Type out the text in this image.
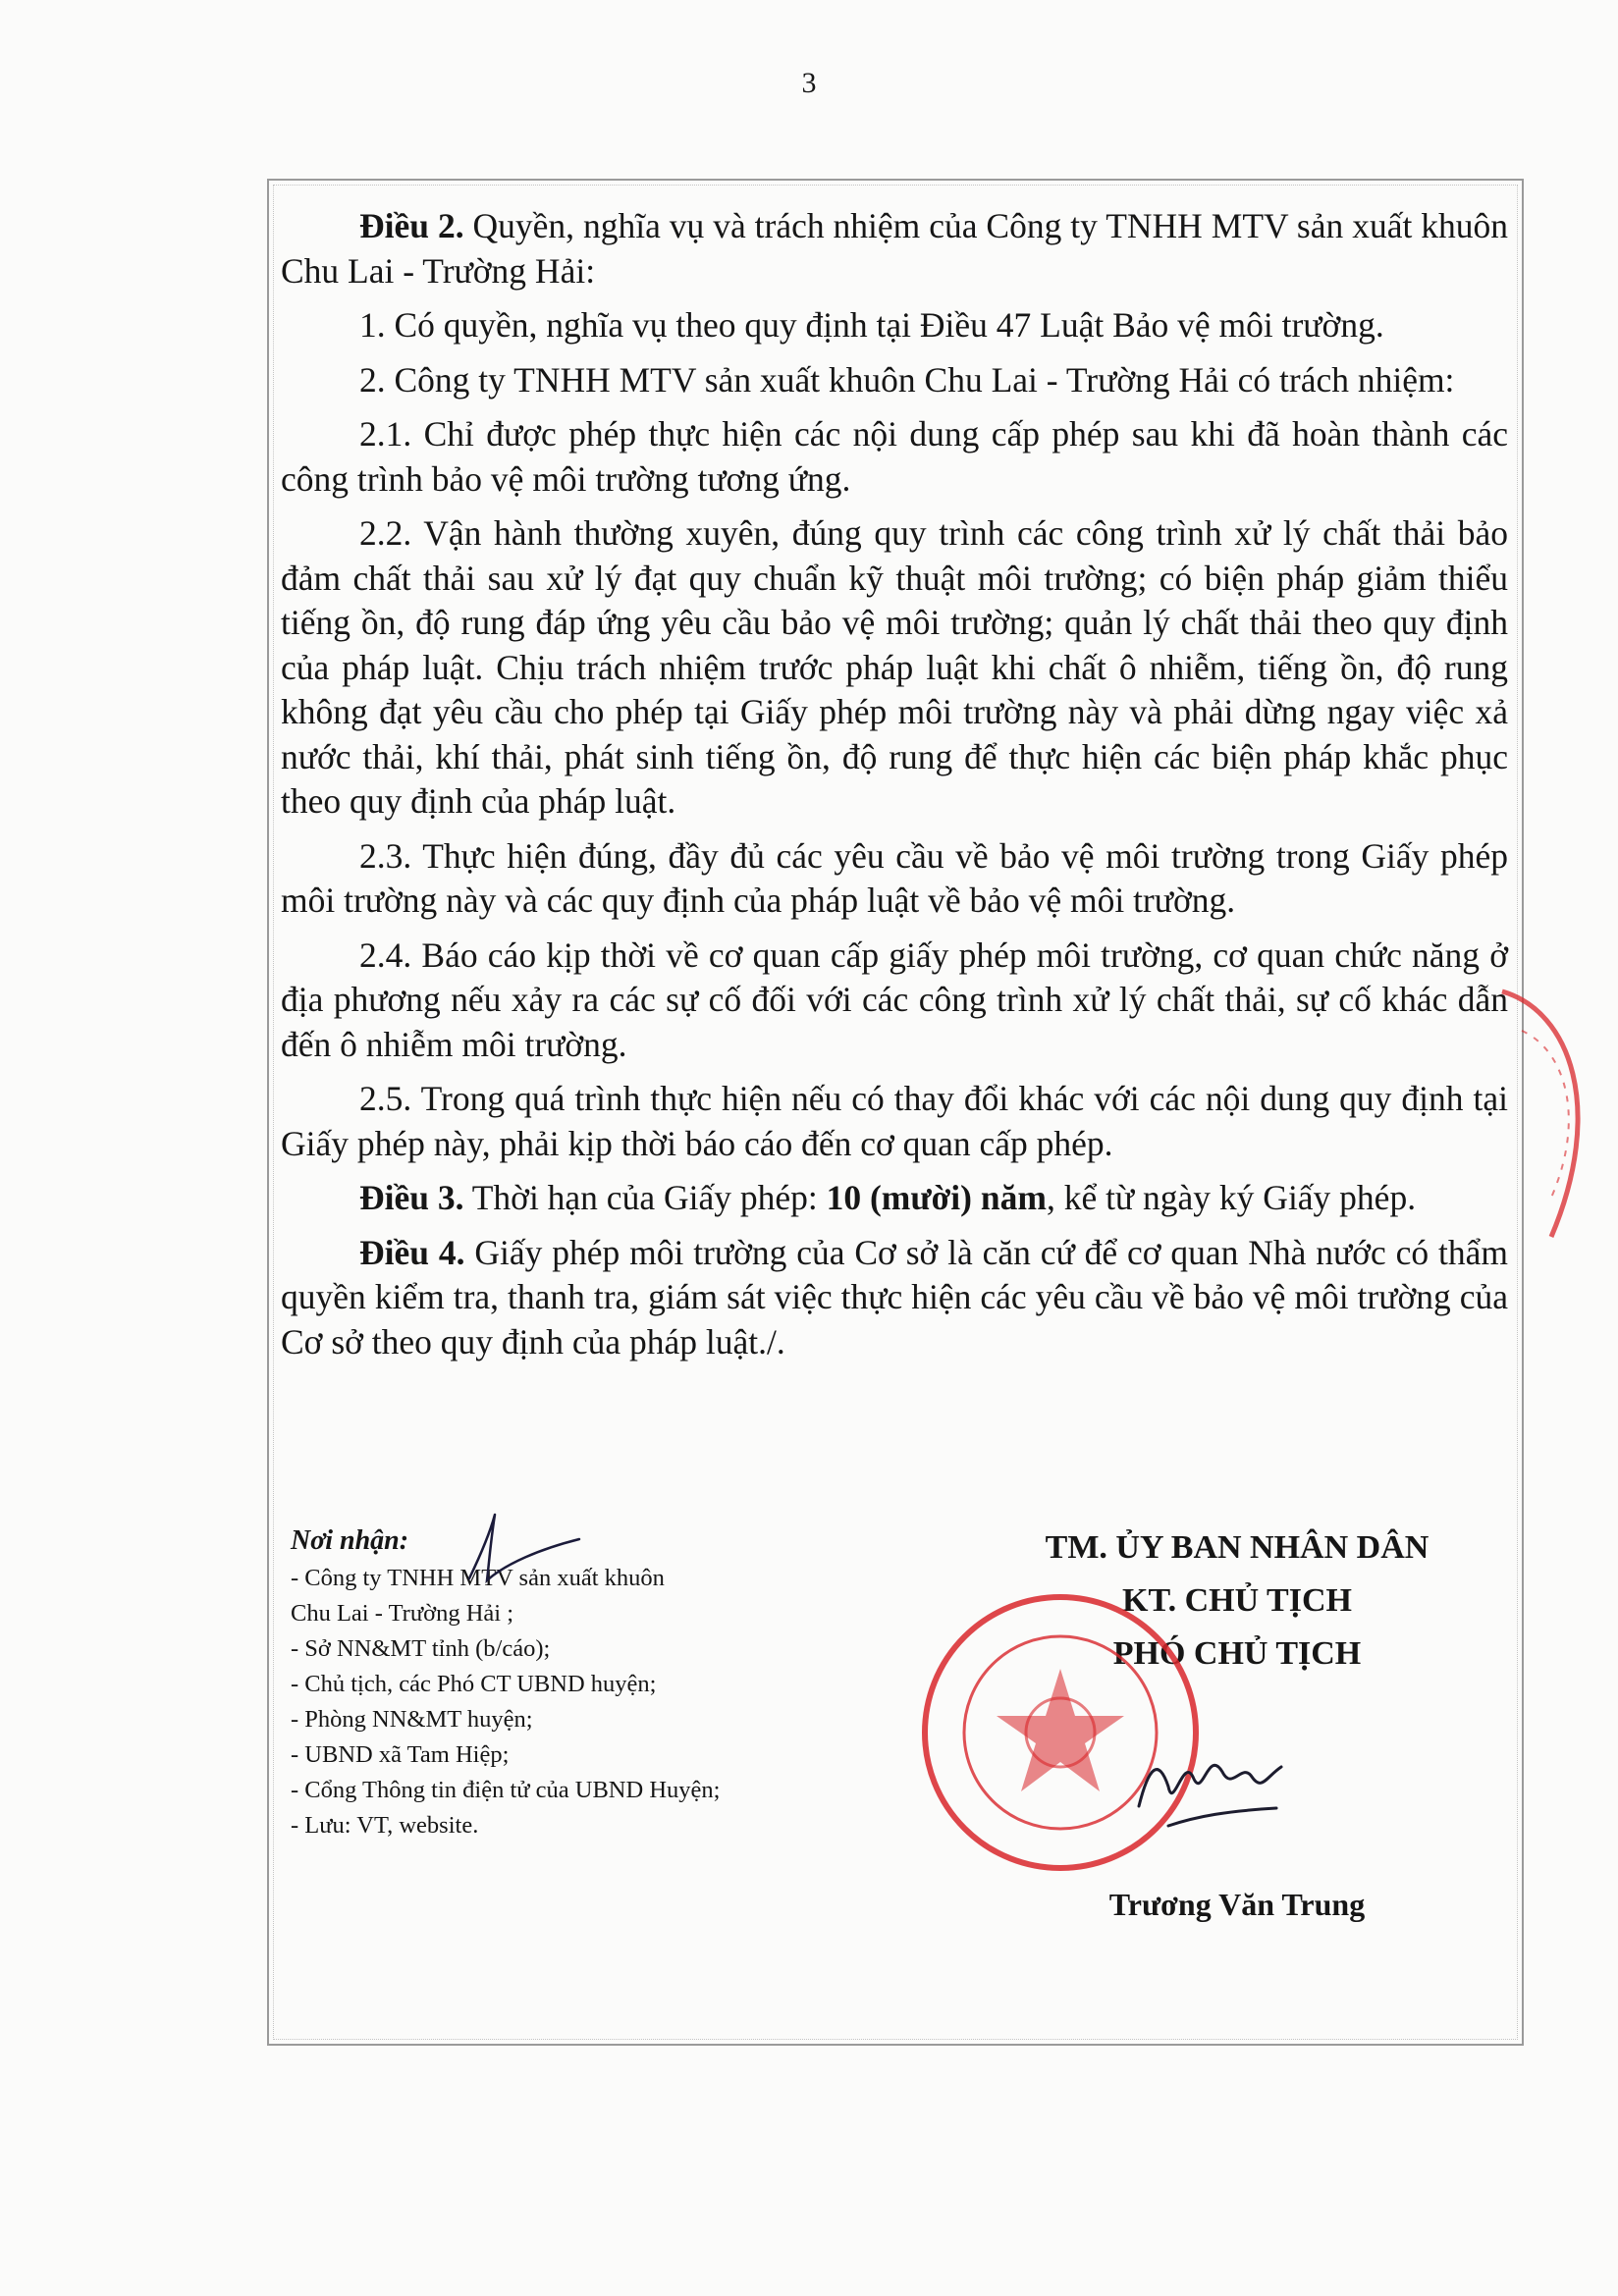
3

Điều 2. Quyền, nghĩa vụ và trách nhiệm của Công ty TNHH MTV sản xuất khuôn Chu Lai - Trường Hải:

1. Có quyền, nghĩa vụ theo quy định tại Điều 47 Luật Bảo vệ môi trường.

2. Công ty TNHH MTV sản xuất khuôn Chu Lai - Trường Hải có trách nhiệm:

2.1. Chỉ được phép thực hiện các nội dung cấp phép sau khi đã hoàn thành các công trình bảo vệ môi trường tương ứng.

2.2. Vận hành thường xuyên, đúng quy trình các công trình xử lý chất thải bảo đảm chất thải sau xử lý đạt quy chuẩn kỹ thuật môi trường; có biện pháp giảm thiểu tiếng ồn, độ rung đáp ứng yêu cầu bảo vệ môi trường; quản lý chất thải theo quy định của pháp luật. Chịu trách nhiệm trước pháp luật khi chất ô nhiễm, tiếng ồn, độ rung không đạt yêu cầu cho phép tại Giấy phép môi trường này và phải dừng ngay việc xả nước thải, khí thải, phát sinh tiếng ồn, độ rung để thực hiện các biện pháp khắc phục theo quy định của pháp luật.

2.3. Thực hiện đúng, đầy đủ các yêu cầu về bảo vệ môi trường trong Giấy phép môi trường này và các quy định của pháp luật về bảo vệ môi trường.

2.4. Báo cáo kịp thời về cơ quan cấp giấy phép môi trường, cơ quan chức năng ở địa phương nếu xảy ra các sự cố đối với các công trình xử lý chất thải, sự cố khác dẫn đến ô nhiễm môi trường.

2.5. Trong quá trình thực hiện nếu có thay đổi khác với các nội dung quy định tại Giấy phép này, phải kịp thời báo cáo đến cơ quan cấp phép.

Điều 3. Thời hạn của Giấy phép: 10 (mười) năm, kể từ ngày ký Giấy phép.

Điều 4. Giấy phép môi trường của Cơ sở là căn cứ để cơ quan Nhà nước có thẩm quyền kiểm tra, thanh tra, giám sát việc thực hiện các yêu cầu về bảo vệ môi trường của Cơ sở theo quy định của pháp luật./.

Nơi nhận:
- Công ty TNHH MTV sản xuất khuôn
Chu Lai - Trường Hải ;
- Sở NN&MT tỉnh (b/cáo);
- Chủ tịch, các Phó CT UBND huyện;
- Phòng NN&MT huyện;
- UBND xã Tam Hiệp;
- Cổng Thông tin điện tử của UBND Huyện;
- Lưu: VT, website.
TM. ỦY BAN NHÂN DÂN
KT. CHỦ TỊCH
PHÓ CHỦ TỊCH
Trương Văn Trung
